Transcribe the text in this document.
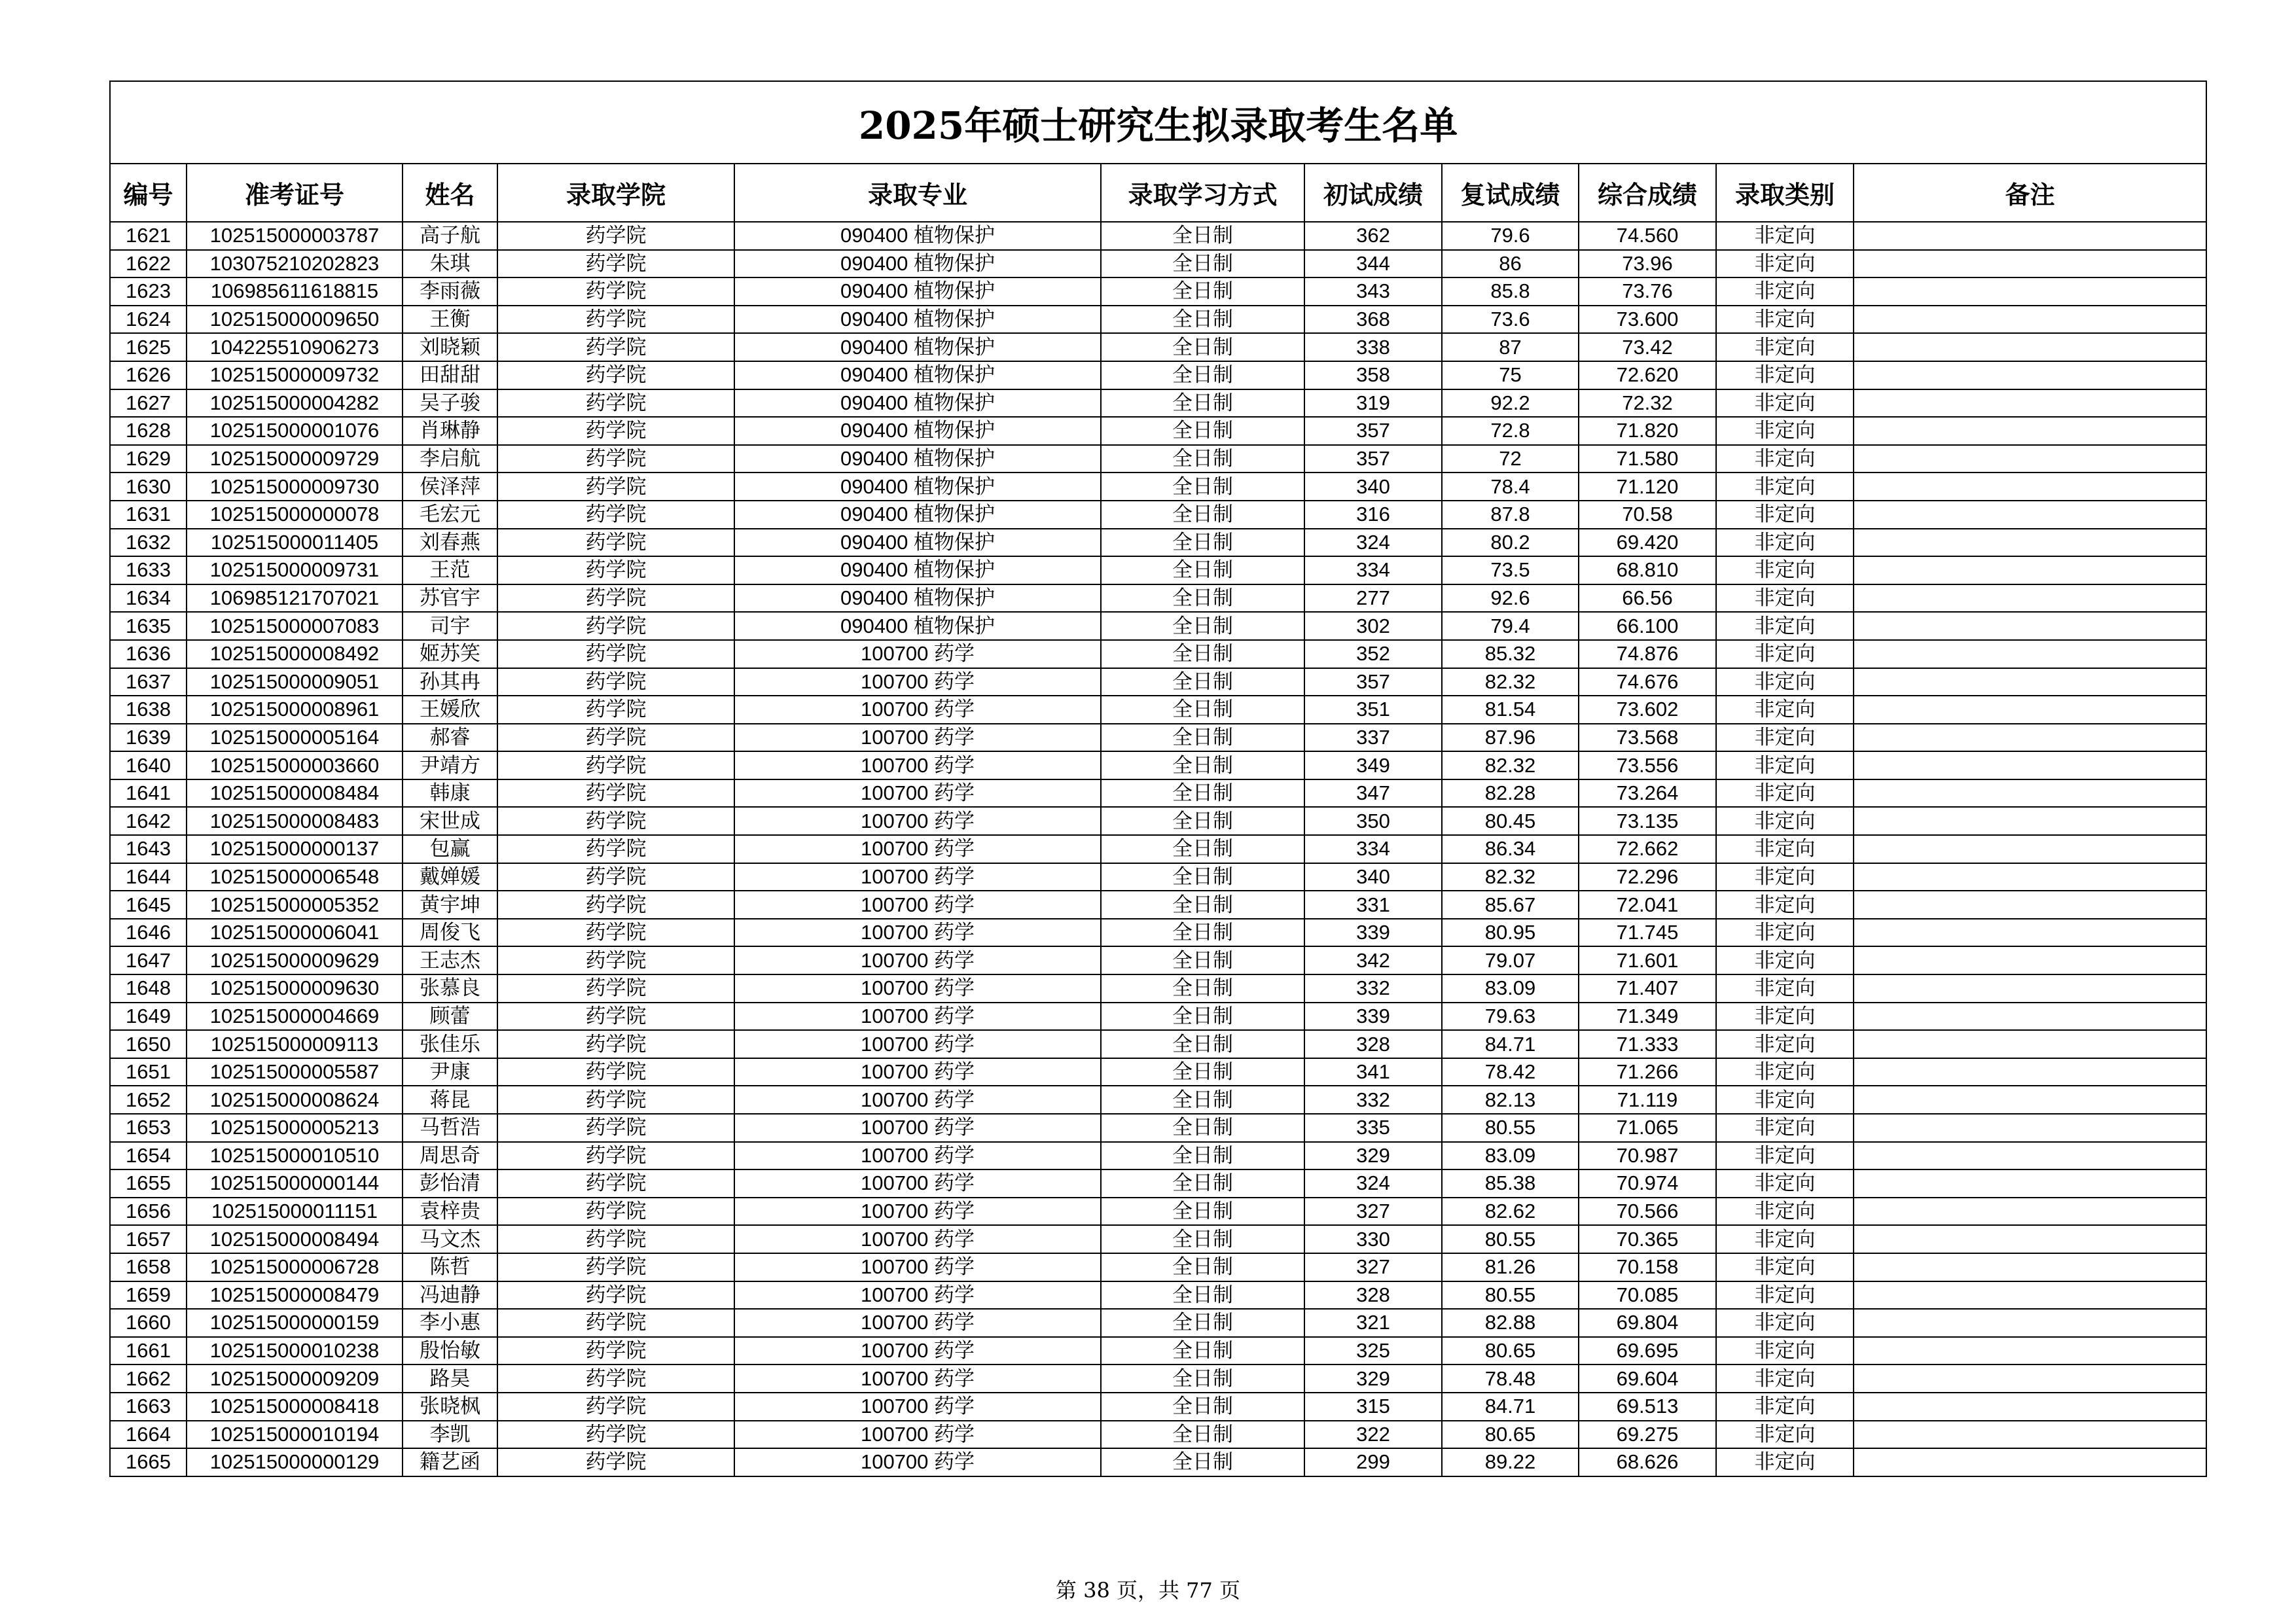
2025年硕士研究生拟录取考生名单										
编号	准考证号	姓名	录取学院	录取专业	录取学习方式	初试成绩	复试成绩	综合成绩	录取类别	备注
1621	102515000003787	高子航	药学院	090400 植物保护	全日制	362	79.6	74.560	非定向	
1622	103075210202823	朱琪	药学院	090400 植物保护	全日制	344	86	73.96	非定向	
1623	106985611618815	李雨薇	药学院	090400 植物保护	全日制	343	85.8	73.76	非定向	
1624	102515000009650	王衡	药学院	090400 植物保护	全日制	368	73.6	73.600	非定向	
1625	104225510906273	刘晓颖	药学院	090400 植物保护	全日制	338	87	73.42	非定向	
1626	102515000009732	田甜甜	药学院	090400 植物保护	全日制	358	75	72.620	非定向	
1627	102515000004282	吴子骏	药学院	090400 植物保护	全日制	319	92.2	72.32	非定向	
1628	102515000001076	肖琳静	药学院	090400 植物保护	全日制	357	72.8	71.820	非定向	
1629	102515000009729	李启航	药学院	090400 植物保护	全日制	357	72	71.580	非定向	
1630	102515000009730	侯泽萍	药学院	090400 植物保护	全日制	340	78.4	71.120	非定向	
1631	102515000000078	毛宏元	药学院	090400 植物保护	全日制	316	87.8	70.58	非定向	
1632	102515000011405	刘春燕	药学院	090400 植物保护	全日制	324	80.2	69.420	非定向	
1633	102515000009731	王范	药学院	090400 植物保护	全日制	334	73.5	68.810	非定向	
1634	106985121707021	苏官宇	药学院	090400 植物保护	全日制	277	92.6	66.56	非定向	
1635	102515000007083	司宇	药学院	090400 植物保护	全日制	302	79.4	66.100	非定向	
1636	102515000008492	姬苏笑	药学院	100700 药学	全日制	352	85.32	74.876	非定向	
1637	102515000009051	孙其冉	药学院	100700 药学	全日制	357	82.32	74.676	非定向	
1638	102515000008961	王媛欣	药学院	100700 药学	全日制	351	81.54	73.602	非定向	
1639	102515000005164	郝睿	药学院	100700 药学	全日制	337	87.96	73.568	非定向	
1640	102515000003660	尹靖方	药学院	100700 药学	全日制	349	82.32	73.556	非定向	
1641	102515000008484	韩康	药学院	100700 药学	全日制	347	82.28	73.264	非定向	
1642	102515000008483	宋世成	药学院	100700 药学	全日制	350	80.45	73.135	非定向	
1643	102515000000137	包赢	药学院	100700 药学	全日制	334	86.34	72.662	非定向	
1644	102515000006548	戴婵媛	药学院	100700 药学	全日制	340	82.32	72.296	非定向	
1645	102515000005352	黄宇坤	药学院	100700 药学	全日制	331	85.67	72.041	非定向	
1646	102515000006041	周俊飞	药学院	100700 药学	全日制	339	80.95	71.745	非定向	
1647	102515000009629	王志杰	药学院	100700 药学	全日制	342	79.07	71.601	非定向	
1648	102515000009630	张慕良	药学院	100700 药学	全日制	332	83.09	71.407	非定向	
1649	102515000004669	顾蕾	药学院	100700 药学	全日制	339	79.63	71.349	非定向	
1650	102515000009113	张佳乐	药学院	100700 药学	全日制	328	84.71	71.333	非定向	
1651	102515000005587	尹康	药学院	100700 药学	全日制	341	78.42	71.266	非定向	
1652	102515000008624	蒋昆	药学院	100700 药学	全日制	332	82.13	71.119	非定向	
1653	102515000005213	马哲浩	药学院	100700 药学	全日制	335	80.55	71.065	非定向	
1654	102515000010510	周思奇	药学院	100700 药学	全日制	329	83.09	70.987	非定向	
1655	102515000000144	彭怡清	药学院	100700 药学	全日制	324	85.38	70.974	非定向	
1656	102515000011151	袁梓贵	药学院	100700 药学	全日制	327	82.62	70.566	非定向	
1657	102515000008494	马文杰	药学院	100700 药学	全日制	330	80.55	70.365	非定向	
1658	102515000006728	陈哲	药学院	100700 药学	全日制	327	81.26	70.158	非定向	
1659	102515000008479	冯迪静	药学院	100700 药学	全日制	328	80.55	70.085	非定向	
1660	102515000000159	李小惠	药学院	100700 药学	全日制	321	82.88	69.804	非定向	
1661	102515000010238	殷怡敏	药学院	100700 药学	全日制	325	80.65	69.695	非定向	
1662	102515000009209	路昊	药学院	100700 药学	全日制	329	78.48	69.604	非定向	
1663	102515000008418	张晓枫	药学院	100700 药学	全日制	315	84.71	69.513	非定向	
1664	102515000010194	李凯	药学院	100700 药学	全日制	322	80.65	69.275	非定向	
1665	102515000000129	籍艺函	药学院	100700 药学	全日制	299	89.22	68.626	非定向	
第 38 页，共 77 页
